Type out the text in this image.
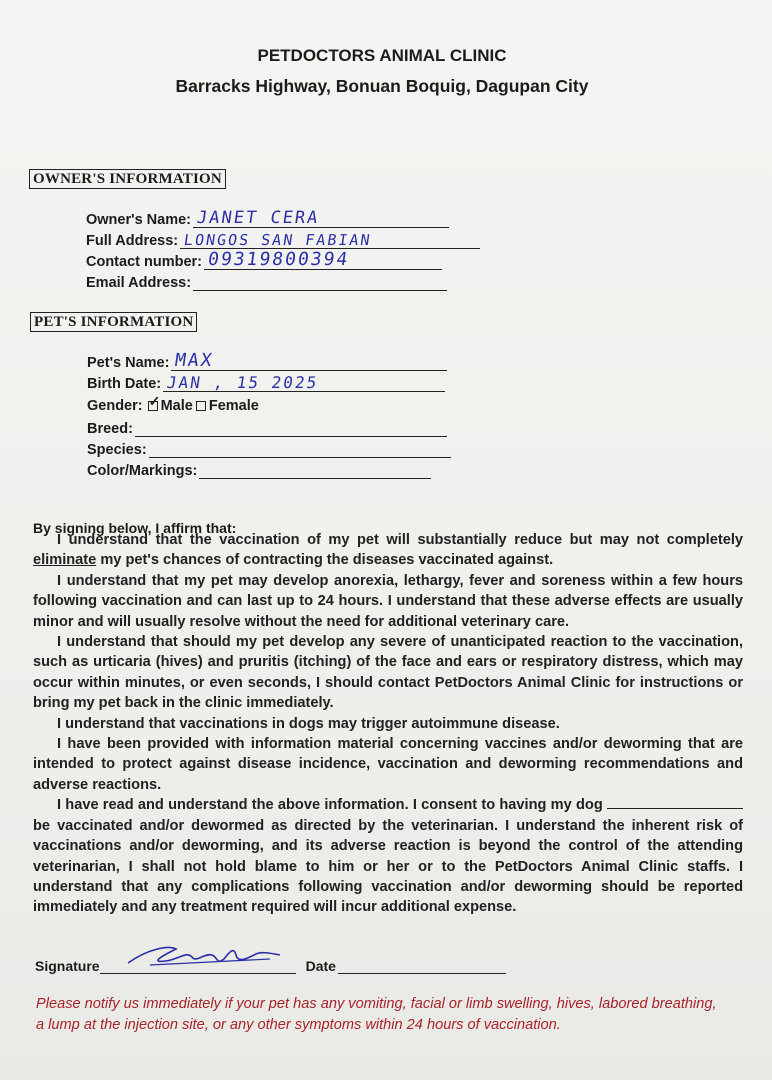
PETDOCTORS ANIMAL CLINIC
Barracks Highway, Bonuan Boquig, Dagupan City
OWNER'S INFORMATION
Owner's Name: JANET CERA
Full Address: LONGOS SAN FABIAN
Contact number: 09319800394
Email Address:
PET'S INFORMATION
Pet's Name: MAX
Birth Date: JAN , 15 2025
Gender: ✓ Male Female
Breed:
Species:
Color/Markings:
By signing below, I affirm that:

I understand that the vaccination of my pet will substantially reduce but may not completely eliminate my pet's chances of contracting the diseases vaccinated against.

I understand that my pet may develop anorexia, lethargy, fever and soreness within a few hours following vaccination and can last up to 24 hours. I understand that these adverse effects are usually minor and will usually resolve without the need for additional veterinary care.

I understand that should my pet develop any severe of unanticipated reaction to the vaccination, such as urticaria (hives) and pruritis (itching) of the face and ears or respiratory distress, which may occur within minutes, or even seconds, I should contact PetDoctors Animal Clinic for instructions or bring my pet back in the clinic immediately.

I understand that vaccinations in dogs may trigger autoimmune disease.

I have been provided with information material concerning vaccines and/or deworming that are intended to protect against disease incidence, vaccination and deworming recommendations and adverse reactions.

I have read and understand the above information. I consent to having my dog be vaccinated and/or dewormed as directed by the veterinarian. I understand the inherent risk of vaccinations and/or deworming, and its adverse reaction is beyond the control of the attending veterinarian, I shall not hold blame to him or her or to the PetDoctors Animal Clinic staffs. I understand that any complications following vaccination and/or deworming should be reported immediately and any treatment required will incur additional expense.

Signature	Date
Please notify us immediately if your pet has any vomiting, facial or limb swelling, hives, labored breathing, a lump at the injection site, or any other symptoms within 24 hours of vaccination.
